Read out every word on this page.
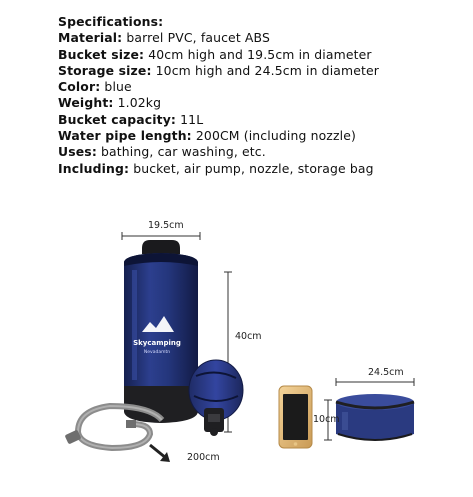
Specifications:
Material: barrel PVC, faucet ABS
Bucket size: 40cm high and 19.5cm in diameter
Storage size: 10cm high and 24.5cm in diameter
Color: blue
Weight: 1.02kg
Bucket capacity: 11L
Water pipe length: 200CM (including nozzle)
Uses: bathing, car washing, etc.
Including: bucket, air pump, nozzle, storage bag
Skycamping
Nevadamtn
19.5cm
40cm
24.5cm
10cm
200cm
